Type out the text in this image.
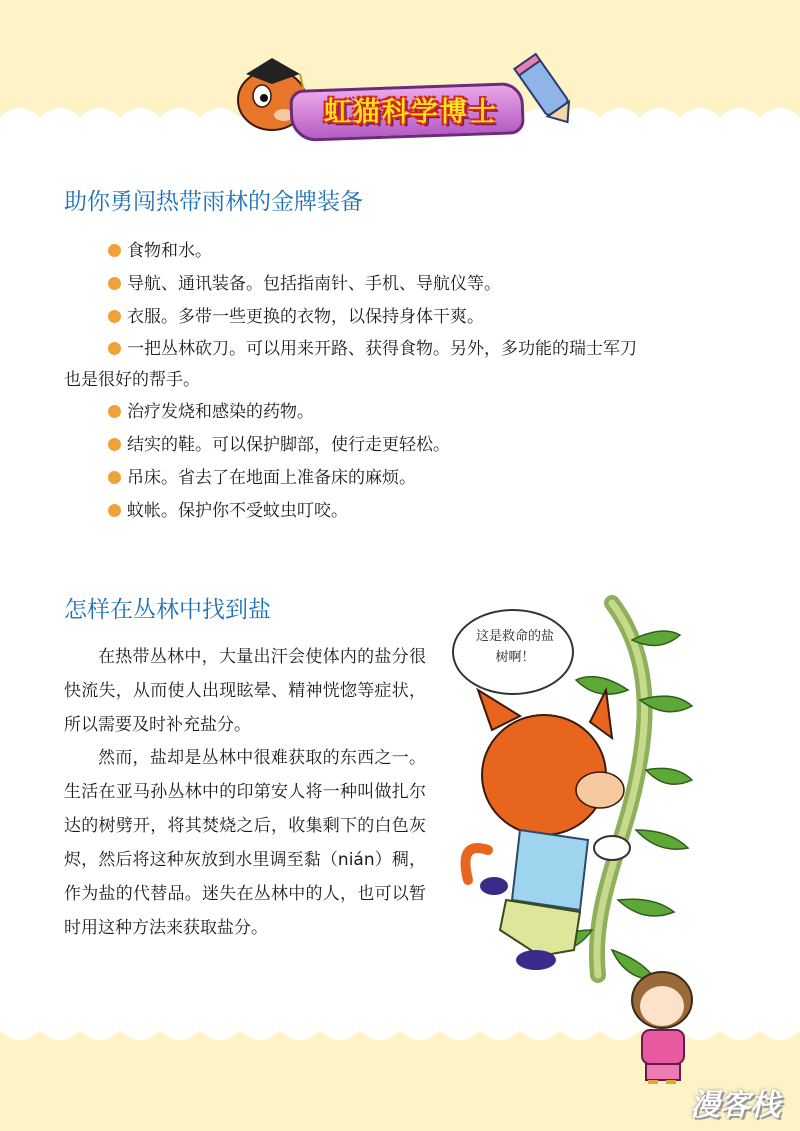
虹猫科学博士
助你勇闯热带雨林的金牌装备
食物和水。
导航、通讯装备。包括指南针、手机、导航仪等。
衣服。多带一些更换的衣物，以保持身体干爽。
一把丛林砍刀。可以用来开路、获得食物。另外，多功能的瑞士军刀
也是很好的帮手。
治疗发烧和感染的药物。
结实的鞋。可以保护脚部，使行走更轻松。
吊床。省去了在地面上准备床的麻烦。
蚊帐。保护你不受蚊虫叮咬。
怎样在丛林中找到盐

在热带丛林中，大量出汗会使体内的盐分很快流失，从而使人出现眩晕、精神恍惚等症状，所以需要及时补充盐分。

然而，盐却是丛林中很难获取的东西之一。生活在亚马孙丛林中的印第安人将一种叫做扎尔达的树劈开，将其焚烧之后，收集剩下的白色灰烬，然后将这种灰放到水里调至黏（nián）稠，作为盐的代替品。迷失在丛林中的人，也可以暂时用这种方法来获取盐分。

这是救命的盐树啊！
漫客栈
